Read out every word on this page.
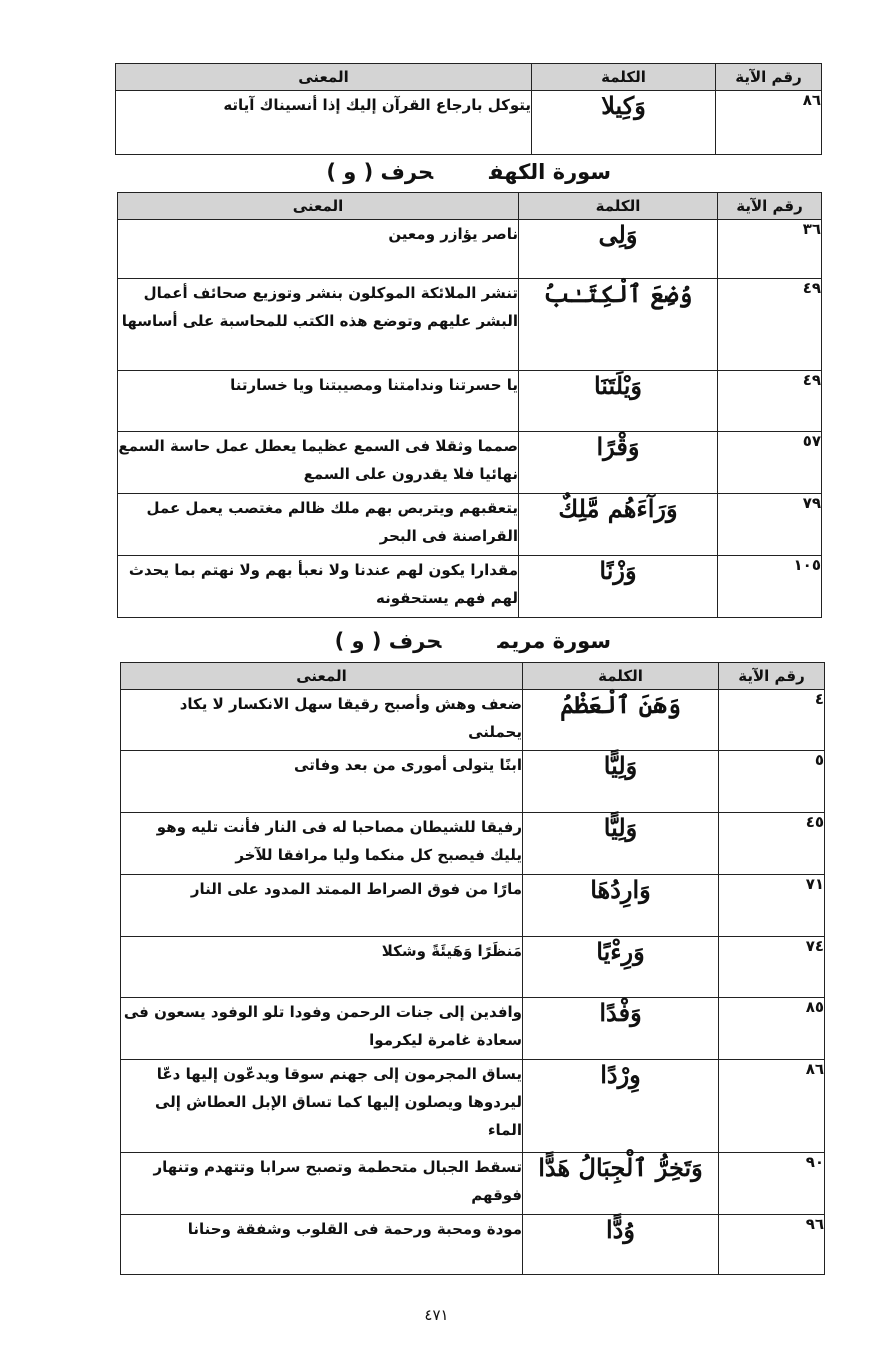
رقم الآية	الكلمة	المعنى
٨٦	وَكِيلا	يتوكل بارجاع القرآن إليك إذا أنسيناك آياته
سورة الكهفحرف ( و )
رقم الآية	الكلمة	المعنى
٣٦	وَلِى	ناصر يؤازر ومعين
٤٩	وُضِعَ ٱلْكِتَـٰبُ	تنشر الملائكة الموكلون بنشر وتوزيع صحائف أعمال البشر عليهم وتوضع هذه الكتب للمحاسبة على أساسها
٤٩	وَيْلَتَنَا	يا حسرتنا وندامتنا ومصيبتنا ويا خسارتنا
٥٧	وَقْرًا	صمما وثقلا فى السمع عظيما يعطل عمل حاسة السمع نهائيا فلا يقدرون على السمع
٧٩	وَرَآءَهُم مَّلِكٌ	يتعقبهم ويتربص بهم ملك ظالم مغتصب يعمل عمل القراصنة فى البحر
١٠٥	وَزْنًا	مقدارا يكون لهم عندنا ولا نعبأ بهم ولا نهتم بما يحدث لهم فهم يستحقونه
سورة مريمحرف ( و )
رقم الآية	الكلمة	المعنى
٤	وَهَنَ ٱلْعَظْمُ	ضعف وهش وأصبح رقيقا سهل الانكسار لا يكاد يحملنى
٥	وَلِيًّا	ابنًا يتولى أمورى من بعد وفاتى
٤٥	وَلِيًّا	رفيقا للشيطان مصاحبا له فى النار فأنت تليه وهو يليك فيصبح كل منكما وليا مرافقا للآخر
٧١	وَارِدُهَا	مارًا من فوق الصراط الممتد المدود على النار
٧٤	وَرِءْيًا	مَنظَرًا وَهَيئَةً وشكلا
٨٥	وَفْدًا	وافدين إلى جنات الرحمن وفودا تلو الوفود يسعون فى سعادة غامرة ليكرموا
٨٦	وِرْدًا	يساق المجرمون إلى جهنم سوقا ويدعّون إليها دعّا ليردوها ويصلون إليها كما تساق الإبل العطاش إلى الماء
٩٠	وَتَخِرُّ ٱلْجِبَالُ هَدًّا	تسقط الجبال متحطمة وتصبح سرابا وتتهدم وتنهار فوقهم
٩٦	وُدًّا	مودة ومحبة ورحمة فى القلوب وشفقة وحنانا
٤٧١
